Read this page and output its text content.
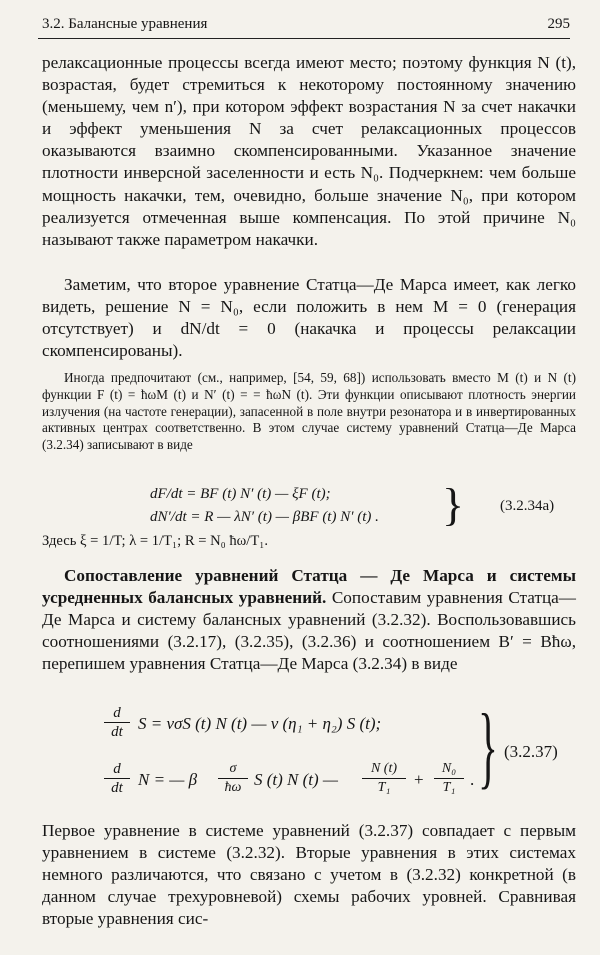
3.2. Балансные уравнения	295

релаксационные процессы всегда имеют место; поэтому функция N (t), возрастая, будет стремиться к некоторому постоянному значению (меньшему, чем n′), при котором эффект возрастания N за счет накачки и эффект уменьшения N за счет релаксационных процессов оказываются взаимно скомпенсированными. Указанное значение плотности инверсной заселенности и есть N₀. Подчеркнем: чем больше мощность накачки, тем, очевидно, больше значение N₀, при котором реализуется отмеченная выше компенсация. По этой причине N₀ называют также параметром накачки.

Заметим, что второе уравнение Статца—Де Марса имеет, как легко видеть, решение N = N₀, если положить в нем M = 0 (генерация отсутствует) и dN/dt = 0 (накачка и процессы релаксации скомпенсированы).

Иногда предпочитают (см., например, [54, 59, 68]) использовать вместо M (t) и N (t) функции F (t) = ħωM (t) и N′ (t) = = ħωN (t). Эти функции описывают плотность энергии излучения (на частоте генерации), запасенной в поле внутри резонатора и в инвертированных активных центрах соответственно. В этом случае систему уравнений Статца—Де Марса (3.2.34) записывают в виде

dF/dt = BF (t) N′ (t) — ξF (t);
dN′/dt = R — λN′ (t) — βBF (t) N′ (t) . } (3.2.34a)

Здесь ξ = 1/T; λ = 1/T₁; R = N₀ ħω/T₁.

Сопоставление уравнений Статца — Де Марса и системы усредненных балансных уравнений. Сопоставим уравнения Статца—Де Марса и систему балансных уравнений (3.2.32). Воспользовавшись соотношениями (3.2.17), (3.2.35), (3.2.36) и соотношением B′ = Bħω, перепишем уравнения Статца—Де Марса (3.2.34) в виде

$\frac{d}{dt}$ S = vσS (t) N (t) — v (η₁ + η₂) S (t);
$\frac{d}{dt}$ N = — β $\frac{\sigma}{ħ\omega}$ S (t) N (t) — $\frac{N (t)}{\text{T₁}} + \frac{\text{N₀}}{\text{T₁}}$ . } (3.2.37)

Первое уравнение в системе уравнений (3.2.37) совпадает с первым уравнением в системе (3.2.32). Вторые уравнения в этих системах немного различаются, что связано с учетом в (3.2.32) конкретной (в данном случае трехуровневой) схемы рабочих уровней. Сравнивая вторые уравнения сис-
